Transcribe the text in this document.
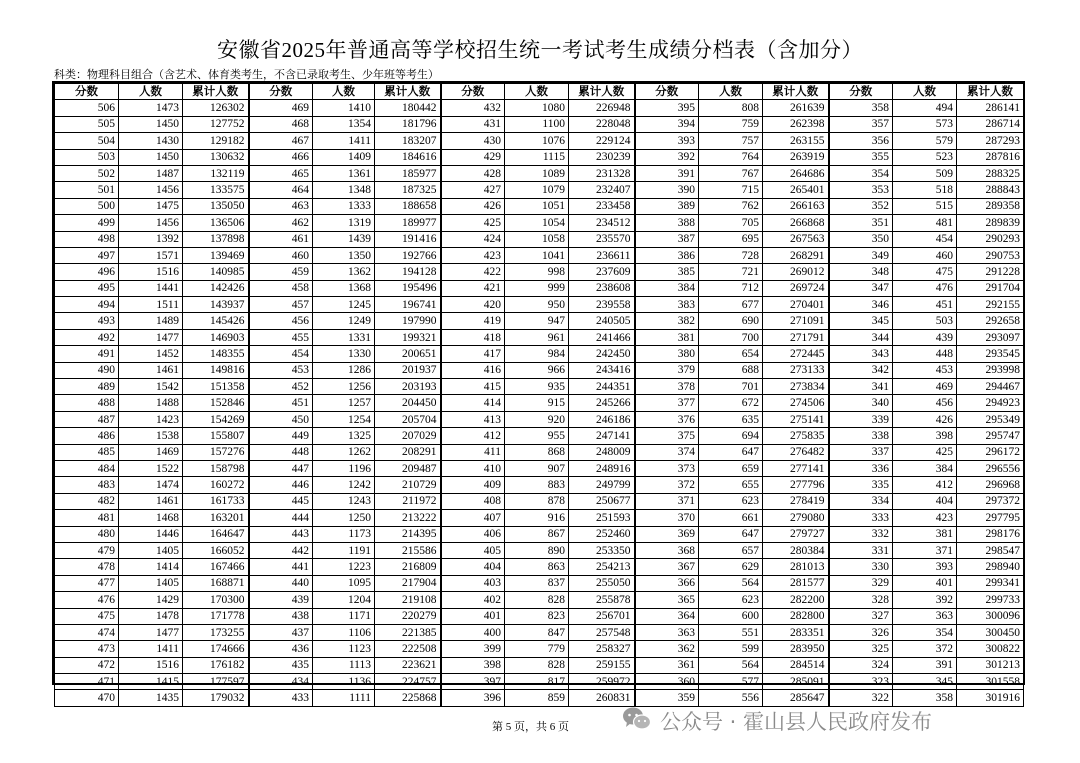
安徽省2025年普通高等学校招生统一考试考生成绩分档表（含加分）
科类：物理科目组合（含艺术、体育类考生，不含已录取考生、少年班等考生）
分数	人数	累计人数	分数	人数	累计人数	分数	人数	累计人数	分数	人数	累计人数	分数	人数	累计人数
506	1473	126302	469	1410	180442	432	1080	226948	395	808	261639	358	494	286141
505	1450	127752	468	1354	181796	431	1100	228048	394	759	262398	357	573	286714
504	1430	129182	467	1411	183207	430	1076	229124	393	757	263155	356	579	287293
503	1450	130632	466	1409	184616	429	1115	230239	392	764	263919	355	523	287816
502	1487	132119	465	1361	185977	428	1089	231328	391	767	264686	354	509	288325
501	1456	133575	464	1348	187325	427	1079	232407	390	715	265401	353	518	288843
500	1475	135050	463	1333	188658	426	1051	233458	389	762	266163	352	515	289358
499	1456	136506	462	1319	189977	425	1054	234512	388	705	266868	351	481	289839
498	1392	137898	461	1439	191416	424	1058	235570	387	695	267563	350	454	290293
497	1571	139469	460	1350	192766	423	1041	236611	386	728	268291	349	460	290753
496	1516	140985	459	1362	194128	422	998	237609	385	721	269012	348	475	291228
495	1441	142426	458	1368	195496	421	999	238608	384	712	269724	347	476	291704
494	1511	143937	457	1245	196741	420	950	239558	383	677	270401	346	451	292155
493	1489	145426	456	1249	197990	419	947	240505	382	690	271091	345	503	292658
492	1477	146903	455	1331	199321	418	961	241466	381	700	271791	344	439	293097
491	1452	148355	454	1330	200651	417	984	242450	380	654	272445	343	448	293545
490	1461	149816	453	1286	201937	416	966	243416	379	688	273133	342	453	293998
489	1542	151358	452	1256	203193	415	935	244351	378	701	273834	341	469	294467
488	1488	152846	451	1257	204450	414	915	245266	377	672	274506	340	456	294923
487	1423	154269	450	1254	205704	413	920	246186	376	635	275141	339	426	295349
486	1538	155807	449	1325	207029	412	955	247141	375	694	275835	338	398	295747
485	1469	157276	448	1262	208291	411	868	248009	374	647	276482	337	425	296172
484	1522	158798	447	1196	209487	410	907	248916	373	659	277141	336	384	296556
483	1474	160272	446	1242	210729	409	883	249799	372	655	277796	335	412	296968
482	1461	161733	445	1243	211972	408	878	250677	371	623	278419	334	404	297372
481	1468	163201	444	1250	213222	407	916	251593	370	661	279080	333	423	297795
480	1446	164647	443	1173	214395	406	867	252460	369	647	279727	332	381	298176
479	1405	166052	442	1191	215586	405	890	253350	368	657	280384	331	371	298547
478	1414	167466	441	1223	216809	404	863	254213	367	629	281013	330	393	298940
477	1405	168871	440	1095	217904	403	837	255050	366	564	281577	329	401	299341
476	1429	170300	439	1204	219108	402	828	255878	365	623	282200	328	392	299733
475	1478	171778	438	1171	220279	401	823	256701	364	600	282800	327	363	300096
474	1477	173255	437	1106	221385	400	847	257548	363	551	283351	326	354	300450
473	1411	174666	436	1123	222508	399	779	258327	362	599	283950	325	372	300822
472	1516	176182	435	1113	223621	398	828	259155	361	564	284514	324	391	301213
471	1415	177597	434	1136	224757	397	817	259972	360	577	285091	323	345	301558
470	1435	179032	433	1111	225868	396	859	260831	359	556	285647	322	358	301916
第 5 页，共 6 页	公众号 · 霍山县人民政府发布
